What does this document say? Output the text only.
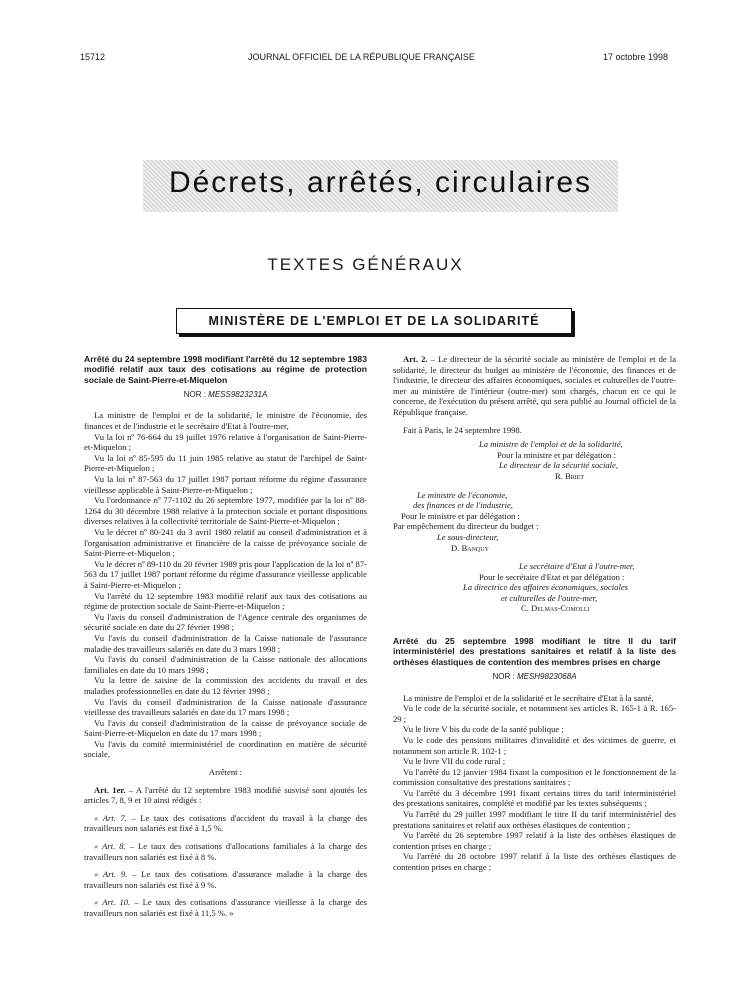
15712	JOURNAL OFFICIEL DE LA RÉPUBLIQUE FRANÇAISE	17 octobre 1998
Décrets, arrêtés, circulaires
TEXTES GÉNÉRAUX
MINISTÈRE DE L'EMPLOI ET DE LA SOLIDARITÉ

Arrêté du 24 septembre 1998 modifiant l'arrêté du 12 septembre 1983 modifié relatif aux taux des cotisations au régime de protection sociale de Saint-Pierre-et-Miquelon

NOR : MESS9823231A

La ministre de l'emploi et de la solidarité, le ministre de l'économie, des finances et de l'industrie et le secrétaire d'Etat à l'outre-mer,

Vu la loi nº 76-664 du 19 juillet 1976 relative à l'organisation de Saint-Pierre-et-Miquelon ;

Vu la loi nº 85-595 du 11 juin 1985 relative au statut de l'archipel de Saint-Pierre-et-Miquelon ;

Vu la loi nº 87-563 du 17 juillet 1987 portant réforme du régime d'assurance vieillesse applicable à Saint-Pierre-et-Miquelon ;

Vu l'ordonnance nº 77-1102 du 26 septembre 1977, modifiée par la loi nº 88-1264 du 30 décembre 1988 relative à la protection sociale et portant dispositions diverses relatives à la collectivité territoriale de Saint-Pierre-et-Miquelon ;

Vu le décret nº 80-241 du 3 avril 1980 relatif au conseil d'administration et à l'organisation administrative et financière de la caisse de prévoyance sociale de Saint-Pierre-et-Miquelon ;

Vu le décret nº 89-110 du 20 février 1989 pris pour l'application de la loi nº 87-563 du 17 juillet 1987 portant réforme du régime d'assurance vieillesse applicable à Saint-Pierre-et-Miquelon ;

Vu l'arrêté du 12 septembre 1983 modifié relatif aux taux des cotisations au régime de protection sociale de Saint-Pierre-et-Miquelon ;

Vu l'avis du conseil d'administration de l'Agence centrale des organismes de sécurité sociale en date du 27 février 1998 ;

Vu l'avis du conseil d'administration de la Caisse nationale de l'assurance maladie des travailleurs salariés en date du 3 mars 1998 ;

Vu l'avis du conseil d'administration de la Caisse nationale des allocations familiales en date du 10 mars 1998 ;

Vu la lettre de saisine de la commission des accidents du travail et des maladies professionnelles en date du 12 février 1998 ;

Vu l'avis du conseil d'administration de la Caisse nationale d'assurance vieillesse des travailleurs salariés en date du 17 mars 1998 ;

Vu l'avis du conseil d'administration de la caisse de prévoyance sociale de Saint-Pierre-et-Miquelon en date du 17 mars 1998 ;

Vu l'avis du comité interministériel de coordination en matière de sécurité sociale,

Arrêtent :

Art. 1er. – A l'arrêté du 12 septembre 1983 modifié susvisé sont ajoutés les articles 7, 8, 9 et 10 ainsi rédigés :

« Art. 7. – Le taux des cotisations d'accident du travail à la charge des travailleurs non salariés est fixé à 1,5 %.

« Art. 8. – Le taux des cotisations d'allocations familiales à la charge des travailleurs non salariés est fixé à 8 %.

« Art. 9. – Le taux des cotisations d'assurance maladie à la charge des travailleurs non salariés est fixé à 9 %.

« Art. 10. – Le taux des cotisations d'assurance vieillesse à la charge des travailleurs non salariés est fixé à 11,5 %. »

Art. 2. – Le directeur de la sécurité sociale au ministère de l'emploi et de la solidarité, le directeur du budget au ministère de l'économie, des finances et de l'industrie, le directeur des affaires économiques, sociales et culturelles de l'outre-mer au ministère de l'intérieur (outre-mer) sont chargés, chacun en ce qui le concerne, de l'exécution du présent arrêté, qui sera publié au Journal officiel de la République française.

Fait à Paris, le 24 septembre 1998.

La ministre de l'emploi et de la solidarité,

Pour la ministre et par délégation :

Le directeur de la sécurité sociale,

R. Briet

Le ministre de l'économie,

des finances et de l'industrie,

Pour le ministre et par délégation :

Par empêchement du directeur du budget :

Le sous-directeur,

D. Banquy

Le secrétaire d'Etat à l'outre-mer,

Pour le secrétaire d'Etat et par délégation :

La directrice des affaires économiques, sociales

et culturelles de l'outre-mer,

C. Delmas-Comolli

Arrêté du 25 septembre 1998 modifiant le titre II du tarif interministériel des prestations sanitaires et relatif à la liste des orthèses élastiques de contention des membres prises en charge

NOR : MESH9823068A

La ministre de l'emploi et de la solidarité et le secrétaire d'Etat à la santé,

Vu le code de la sécurité sociale, et notamment ses articles R. 165-1 à R. 165-29 ;

Vu le livre V bis du code de la santé publique ;

Vu le code des pensions militaires d'invalidité et des victimes de guerre, et notamment son article R. 102-1 ;

Vu le livre VII du code rural ;

Vu l'arrêté du 12 janvier 1984 fixant la composition et le fonctionnement de la commission consultative des prestations sanitaires ;

Vu l'arrêté du 3 décembre 1991 fixant certains titres du tarif interministériel des prestations sanitaires, complété et modifié par les textes subséquents ;

Vu l'arrêté du 29 juillet 1997 modifiant le titre II du tarif interministériel des prestations sanitaires et relatif aux orthèses élastiques de contention ;

Vu l'arrêté du 26 septembre 1997 relatif à la liste des orthèses élastiques de contention prises en charge ;

Vu l'arrêté du 28 octobre 1997 relatif à la liste des orthèses élastiques de contention prises en charge ;
